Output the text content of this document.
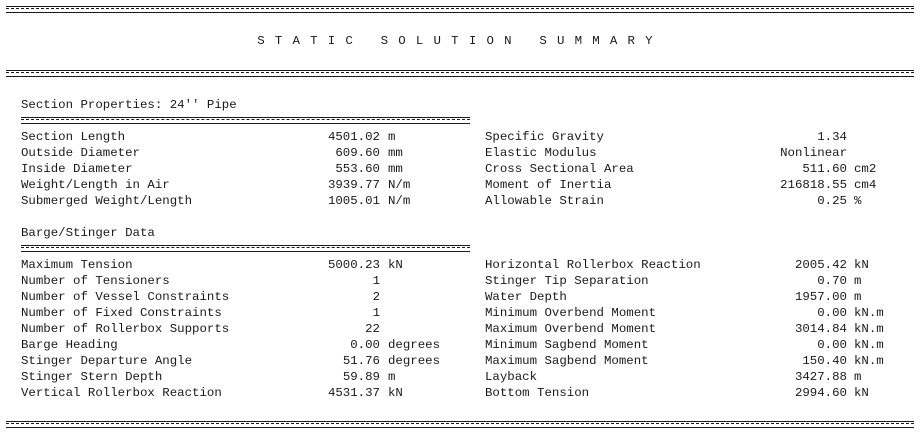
STATIC SOLUTION SUMMARY
Section Properties: 24'' Pipe
Section Length	4501.02 m	Specific Gravity	1.34
Outside Diameter	609.60 mm	Elastic Modulus	Nonlinear
Inside Diameter	553.60 mm	Cross Sectional Area	511.60 cm2
Weight/Length in Air	3939.77 N/m	Moment of Inertia	216818.55 cm4
Submerged Weight/Length	1005.01 N/m	Allowable Strain	0.25 %
Barge/Stinger Data
Maximum Tension	5000.23 kN	Horizontal Rollerbox Reaction	2005.42 kN
Number of Tensioners	1	Stinger Tip Separation	0.70 m
Number of Vessel Constraints	2	Water Depth	1957.00 m
Number of Fixed Constraints	1	Minimum Overbend Moment	0.00 kN.m
Number of Rollerbox Supports	22	Maximum Overbend Moment	3014.84 kN.m
Barge Heading	0.00 degrees	Minimum Sagbend Moment	0.00 kN.m
Stinger Departure Angle	51.76 degrees	Maximum Sagbend Moment	150.40 kN.m
Stinger Stern Depth	59.89 m	Layback	3427.88 m
Vertical Rollerbox Reaction	4531.37 kN	Bottom Tension	2994.60 kN
